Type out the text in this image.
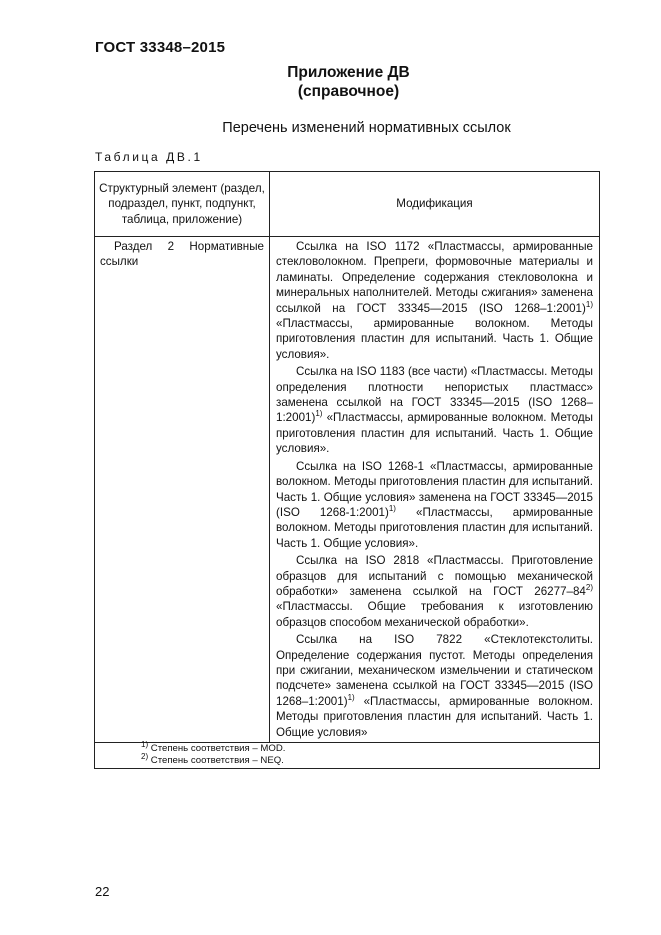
ГОСТ 33348–2015
Приложение ДВ
(справочное)
Перечень изменений нормативных ссылок
Таблица ДВ.1
Структурный элемент (раздел, подраздел, пункт, подпункт, таблица, приложение)	Модификация

Раздел 2 Нормативные ссылки	Ссылка на ISO 1172 «Пластмассы, армированные стекловолокном. Препреги, формовочные материалы и ламинаты. Определение содержания стекловолокна и минеральных наполнителей. Методы сжигания» заменена ссылкой на ГОСТ 33345—2015 (ISO 1268–1:2001)$^{1)}$ «Пластмассы, армированные волокном. Методы приготовления пластин для испытаний. Часть 1. Общие условия».

Ссылка на ISO 1183 (все части) «Пластмассы. Методы определения плотности непористых пластмасс» заменена ссылкой на ГОСТ 33345—2015 (ISO 1268–1:2001)$^{1)}$ «Пластмассы, армированные волокном. Методы приготовления пластин для испытаний. Часть 1. Общие условия».

Ссылка на ISO 1268-1 «Пластмассы, армированные волокном. Методы приготовления пластин для испытаний. Часть 1. Общие условия» заменена на ГОСТ 33345—2015 (ISO 1268-1:2001)$^{1)}$ «Пластмассы, армированные волокном. Методы приготовления пластин для испытаний. Часть 1. Общие условия».

Ссылка на ISO 2818 «Пластмассы. Приготовление образцов для испытаний с помощью механической обработки» заменена ссылкой на ГОСТ 26277–84$^{2)}$ «Пластмассы. Общие требования к изготовлению образцов способом механической обработки».

Ссылка на ISO 7822 «Стеклотекстолиты. Определение содержания пустот. Методы определения при сжигании, механическом измельчении и статическом подсчете» заменена ссылкой на ГОСТ 33345—2015 (ISO 1268–1:2001)$^{1)}$ «Пластмассы, армированные волокном. Методы приготовления пластин для испытаний. Часть 1. Общие условия»

$^{1)}$ Степень соответствия – MOD.
$^{2)}$ Степень соответствия – NEQ.	
22
